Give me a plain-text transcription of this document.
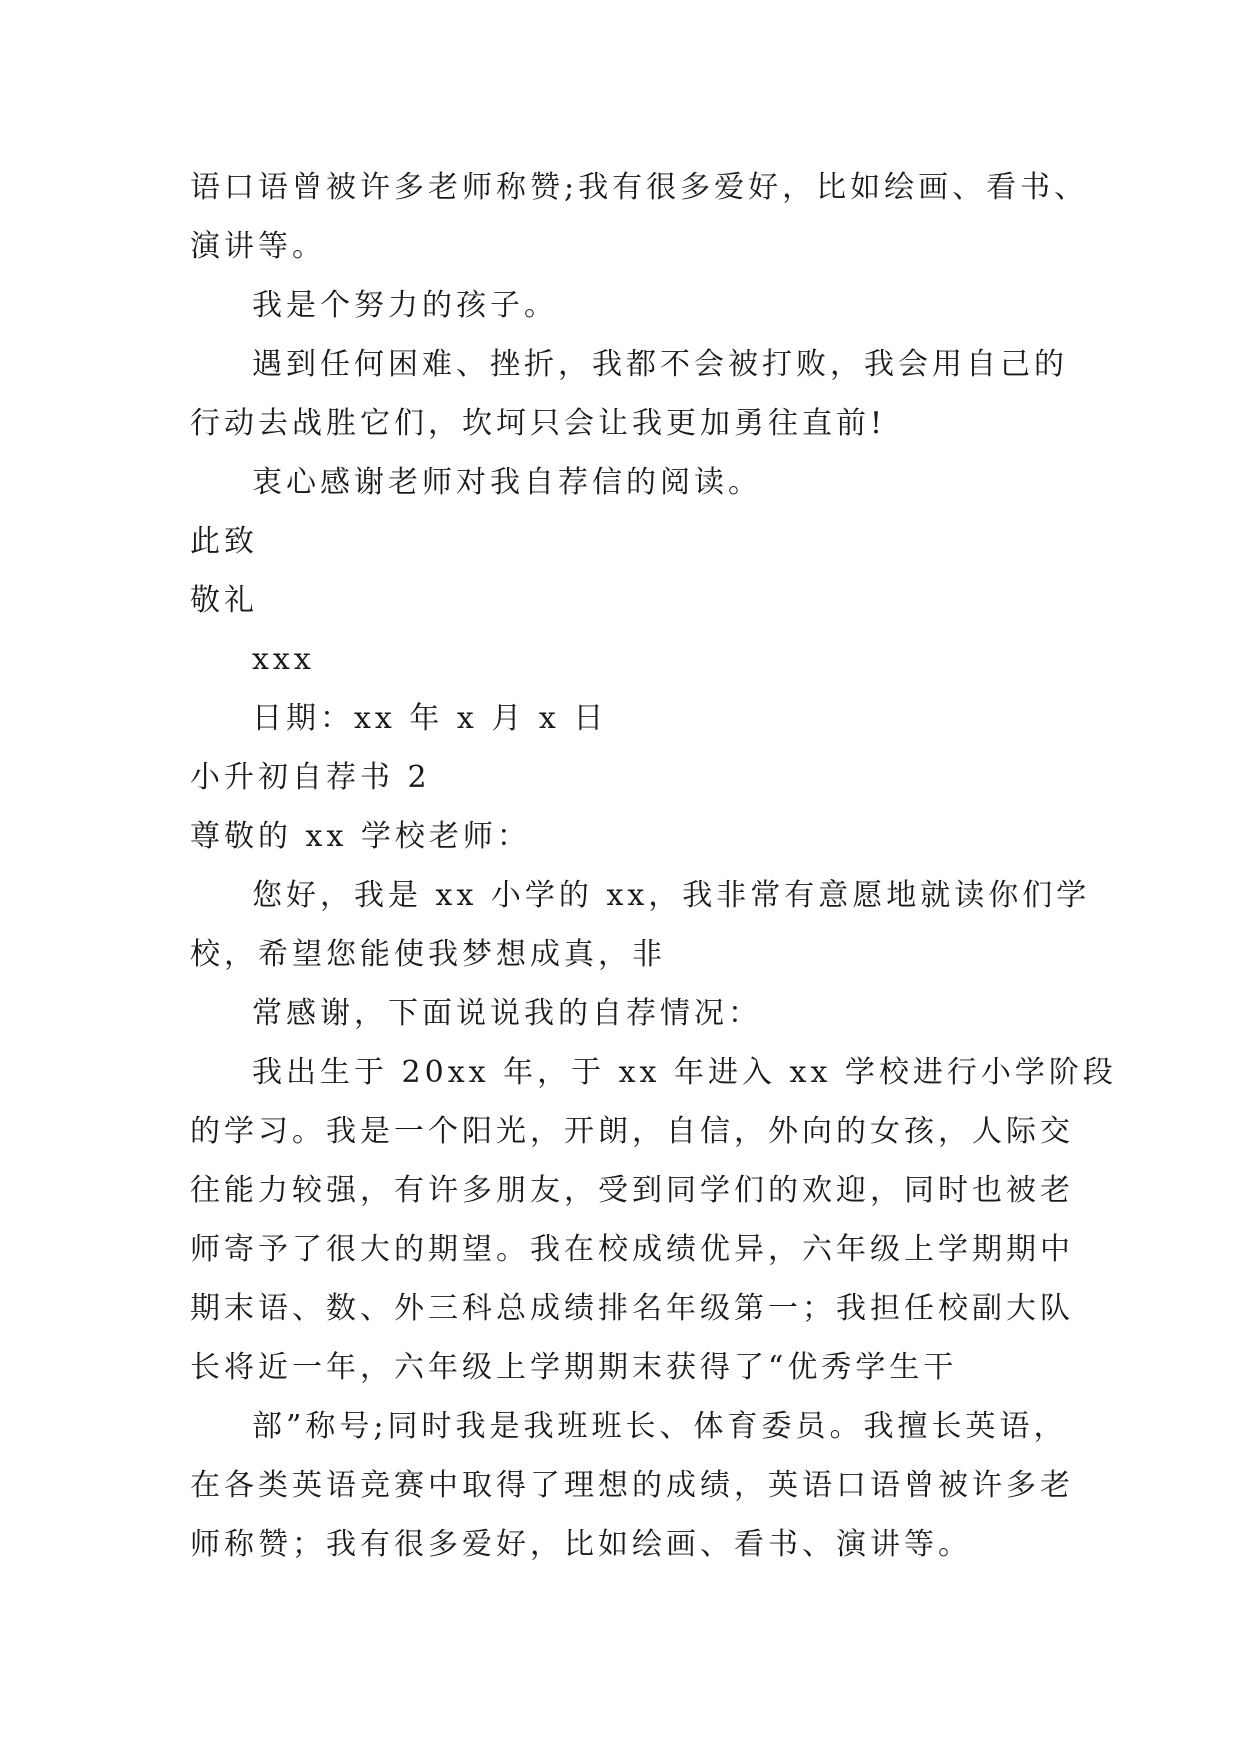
语口语曾被许多老师称赞;我有很多爱好，比如绘画、看书、
演讲等。
我是个努力的孩子。
遇到任何困难、挫折，我都不会被打败，我会用自己的
行动去战胜它们，坎坷只会让我更加勇往直前!
衷心感谢老师对我自荐信的阅读。
此致
敬礼
xxx
日期：xx 年 x 月 x 日
小升初自荐书 2
尊敬的 xx 学校老师：
您好，我是 xx 小学的 xx，我非常有意愿地就读你们学
校，希望您能使我梦想成真，非
常感谢，下面说说我的自荐情况：
我出生于 20xx 年，于 xx 年进入 xx 学校进行小学阶段
的学习。我是一个阳光，开朗，自信，外向的女孩，人际交
往能力较强，有许多朋友，受到同学们的欢迎，同时也被老
师寄予了很大的期望。我在校成绩优异，六年级上学期期中
期末语、数、外三科总成绩排名年级第一；我担任校副大队
长将近一年，六年级上学期期末获得了“优秀学生干
部”称号;同时我是我班班长、体育委员。我擅长英语，
在各类英语竞赛中取得了理想的成绩，英语口语曾被许多老
师称赞；我有很多爱好，比如绘画、看书、演讲等。
